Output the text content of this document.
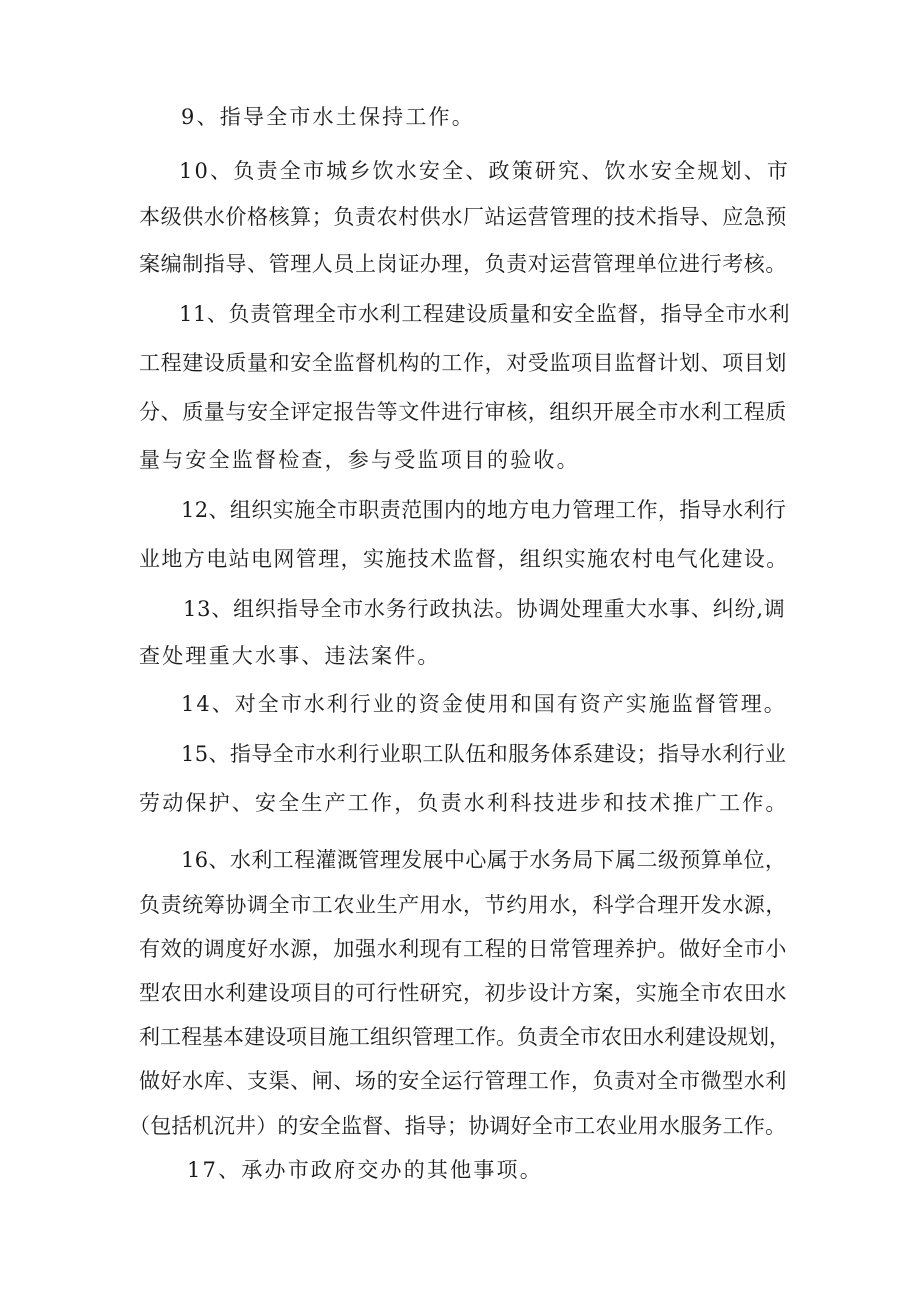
9、指导全市水土保持工作。
10、负责全市城乡饮水安全、政策研究、饮水安全规划、市
本级供水价格核算；负责农村供水厂站运营管理的技术指导、应急预
案编制指导、管理人员上岗证办理，负责对运营管理单位进行考核。
11、负责管理全市水利工程建设质量和安全监督，指导全市水利
工程建设质量和安全监督机构的工作，对受监项目监督计划、项目划
分、质量与安全评定报告等文件进行审核，组织开展全市水利工程质
量与安全监督检查，参与受监项目的验收。
12、组织实施全市职责范围内的地方电力管理工作，指导水利行
业地方电站电网管理，实施技术监督，组织实施农村电气化建设。
13、组织指导全市水务行政执法。协调处理重大水事、纠纷,调
查处理重大水事、违法案件。
14、对全市水利行业的资金使用和国有资产实施监督管理。
15、指导全市水利行业职工队伍和服务体系建设；指导水利行业
劳动保护、安全生产工作，负责水利科技进步和技术推广工作。
16、水利工程灌溉管理发展中心属于水务局下属二级预算单位，
负责统筹协调全市工农业生产用水，节约用水，科学合理开发水源，
有效的调度好水源，加强水利现有工程的日常管理养护。做好全市小
型农田水利建设项目的可行性研究，初步设计方案，实施全市农田水
利工程基本建设项目施工组织管理工作。负责全市农田水利建设规划，
做好水库、支渠、闸、场的安全运行管理工作，负责对全市微型水利
（包括机沉井）的安全监督、指导；协调好全市工农业用水服务工作。
17、承办市政府交办的其他事项。
